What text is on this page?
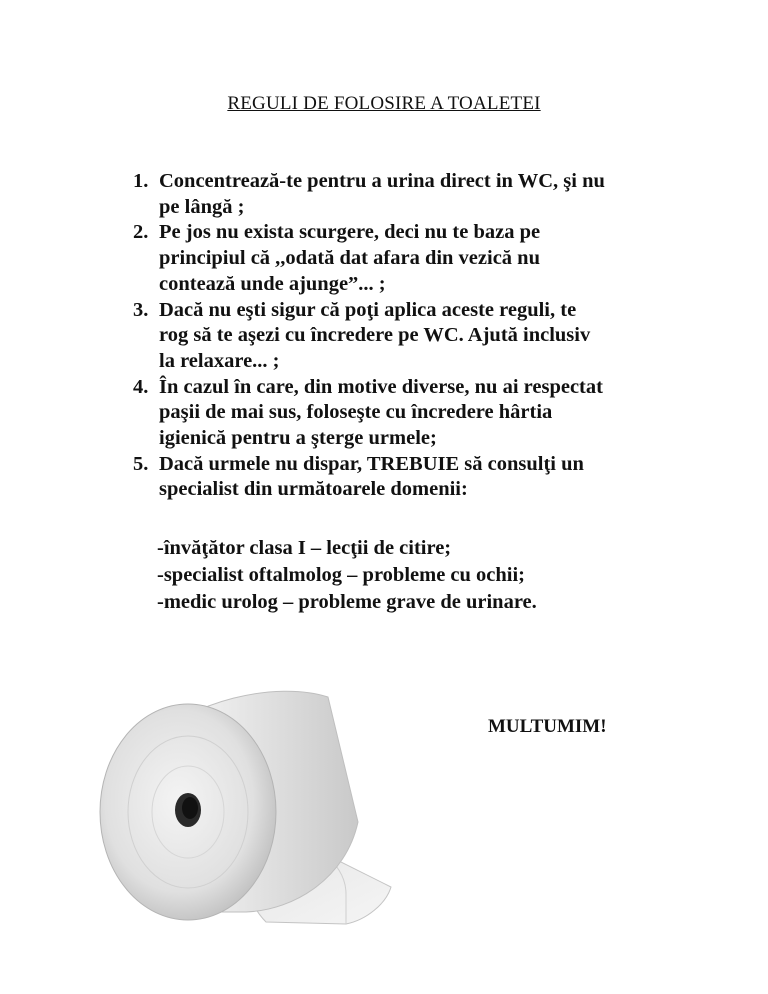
REGULI DE FOLOSIRE A TOALETEI
1. Concentrează-te pentru a urina direct in WC, şi nu
pe lângă ;
2. Pe jos nu exista scurgere, deci nu te baza pe
principiul că ,,odată dat afara din vezică nu
contează unde ajunge”... ;
3. Dacă nu eşti sigur că poţi aplica aceste reguli, te
rog să te aşezi cu încredere pe WC. Ajută inclusiv
la relaxare... ;
4. În cazul în care, din motive diverse, nu ai respectat
paşii de mai sus, foloseşte cu încredere hârtia
igienică pentru a şterge urmele;
5. Dacă urmele nu dispar, TREBUIE să consulţi un
specialist din următoarele domenii:
-învăţător clasa I – lecţii de citire;
-specialist oftalmolog – probleme cu ochii;
-medic urolog – probleme grave de urinare.

MULTUMIM!
